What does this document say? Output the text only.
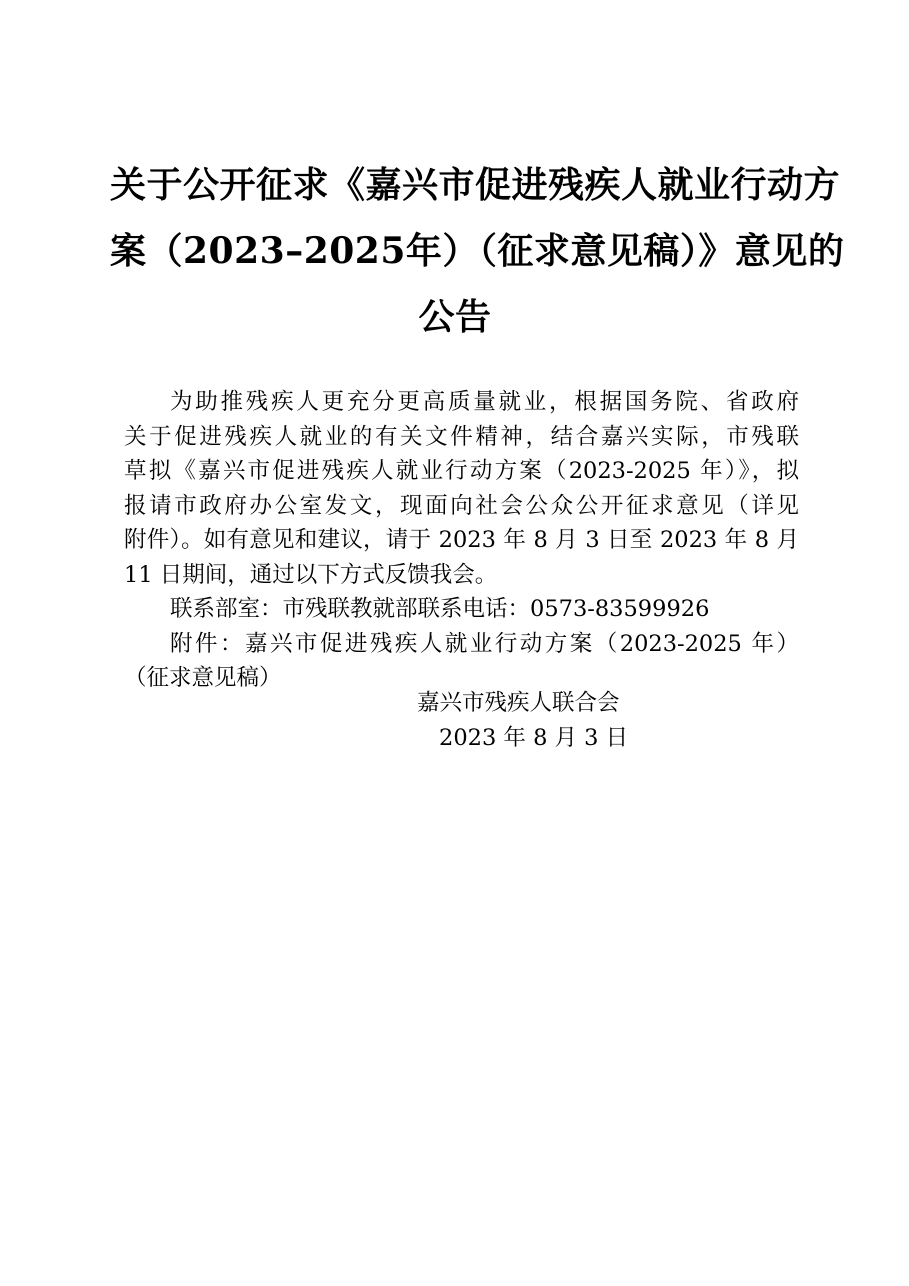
关于公开征求《嘉兴市促进残疾人就业行动方
案（2023–2025年）（征求意见稿）》意见的
公告
为助推残疾人更充分更高质量就业，根据国务院、省政府
关于促进残疾人就业的有关文件精神，结合嘉兴实际，市残联
草拟《嘉兴市促进残疾人就业行动方案（2023-2025 年）》，拟
报请市政府办公室发文，现面向社会公众公开征求意见（详见
附件）。如有意见和建议，请于 2023 年 8 月 3 日至 2023 年 8 月
11 日期间，通过以下方式反馈我会。
联系部室：市残联教就部联系电话：0573-83599926
附件：嘉兴市促进残疾人就业行动方案（2023-2025 年）
（征求意见稿）
嘉兴市残疾人联合会
2023 年 8 月 3 日
